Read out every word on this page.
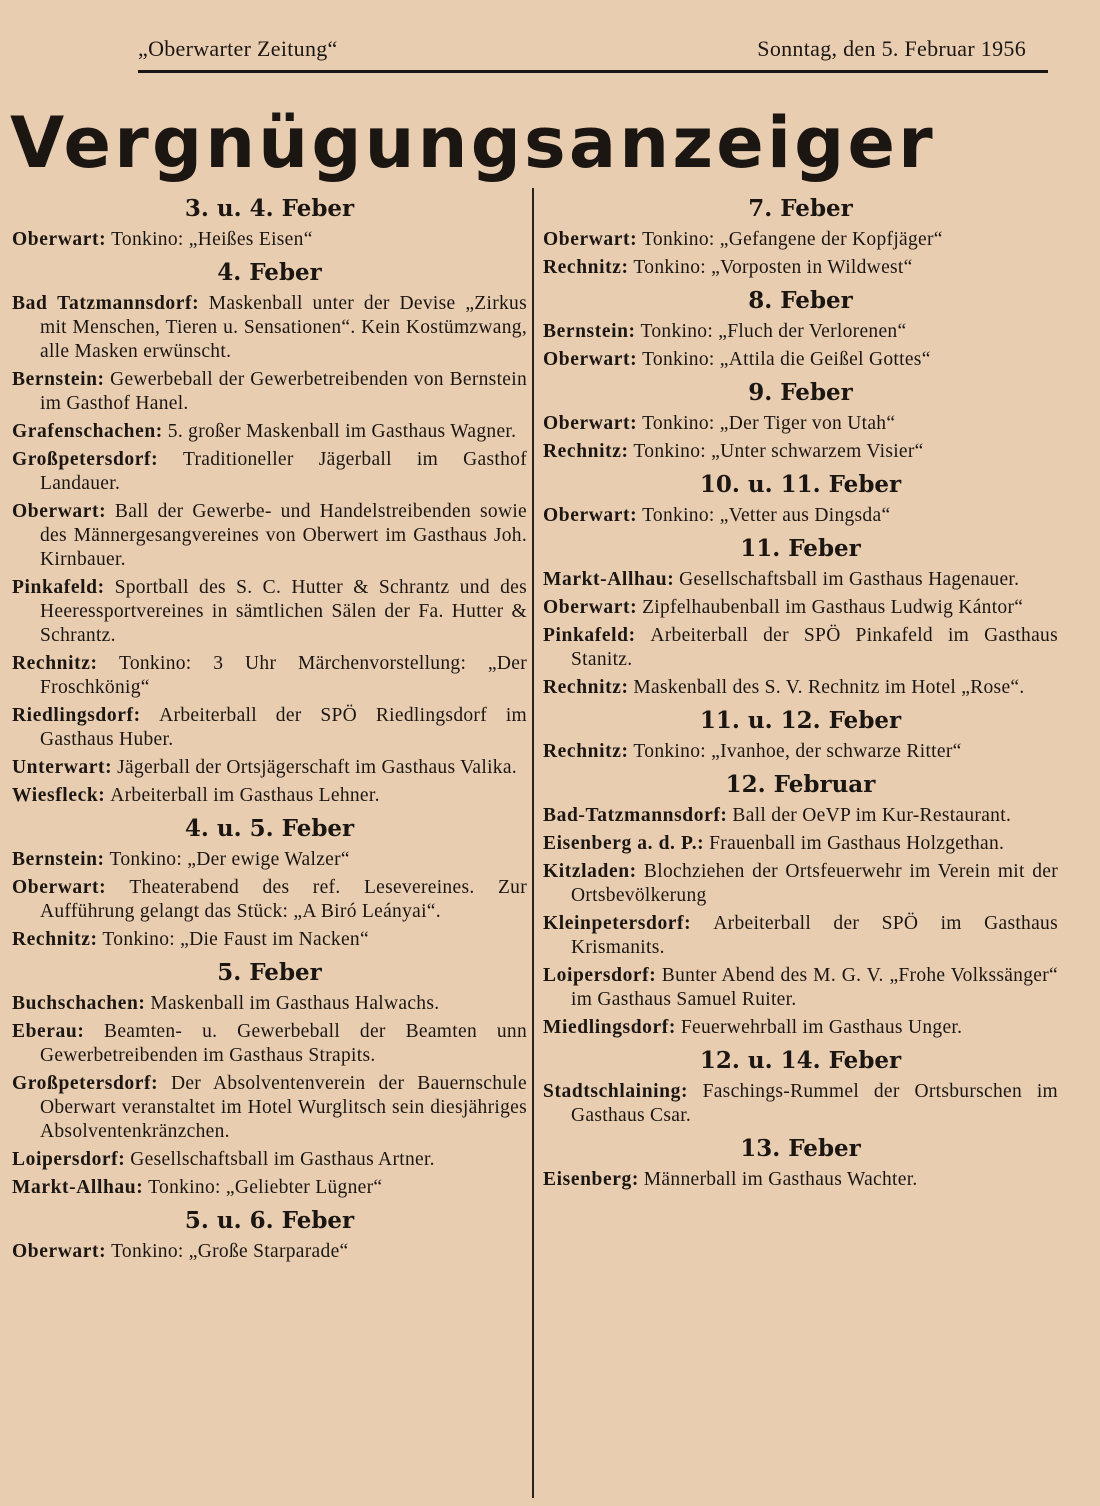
„Oberwarter Zeitung“	Sonntag, den 5. Februar 1956
Vergnügungsanzeiger
3. u. 4. Feber
Oberwart: Tonkino: „Heißes Eisen“
4. Feber
Bad Tatzmannsdorf: Maskenball unter der Devise „Zirkus mit Menschen, Tieren u. Sensationen“. Kein Kostümzwang, alle Masken erwünscht.
Bernstein: Gewerbeball der Gewerbetreibenden von Bernstein im Gasthof Hanel.
Grafenschachen: 5. großer Maskenball im Gasthaus Wagner.
Großpetersdorf: Traditioneller Jägerball im Gasthof Landauer.
Oberwart: Ball der Gewerbe- und Handelstreibenden sowie des Männergesangvereines von Oberwert im Gasthaus Joh. Kirnbauer.
Pinkafeld: Sportball des S. C. Hutter & Schrantz und des Heeressportvereines in sämtlichen Sälen der Fa. Hutter & Schrantz.
Rechnitz: Tonkino: 3 Uhr Märchenvorstellung: „Der Froschkönig“
Riedlingsdorf: Arbeiterball der SPÖ Riedlingsdorf im Gasthaus Huber.
Unterwart: Jägerball der Ortsjägerschaft im Gasthaus Valika.
Wiesfleck: Arbeiterball im Gasthaus Lehner.
4. u. 5. Feber
Bernstein: Tonkino: „Der ewige Walzer“
Oberwart: Theaterabend des ref. Lesevereines. Zur Aufführung gelangt das Stück: „A Biró Leányai“.
Rechnitz: Tonkino: „Die Faust im Nacken“
5. Feber
Buchschachen: Maskenball im Gasthaus Halwachs.
Eberau: Beamten- u. Gewerbeball der Beamten unn Gewerbetreibenden im Gasthaus Strapits.
Großpetersdorf: Der Absolventenverein der Bauernschule Oberwart veranstaltet im Hotel Wurglitsch sein diesjähriges Absolventenkränzchen.
Loipersdorf: Gesellschaftsball im Gasthaus Artner.
Markt-Allhau: Tonkino: „Geliebter Lügner“
5. u. 6. Feber
Oberwart: Tonkino: „Große Starparade“
7. Feber
Oberwart: Tonkino: „Gefangene der Kopfjäger“
Rechnitz: Tonkino: „Vorposten in Wildwest“
8. Feber
Bernstein: Tonkino: „Fluch der Verlorenen“
Oberwart: Tonkino: „Attila die Geißel Gottes“
9. Feber
Oberwart: Tonkino: „Der Tiger von Utah“
Rechnitz: Tonkino: „Unter schwarzem Visier“
10. u. 11. Feber
Oberwart: Tonkino: „Vetter aus Dingsda“
11. Feber
Markt-Allhau: Gesellschaftsball im Gasthaus Hagenauer.
Oberwart: Zipfelhaubenball im Gasthaus Ludwig Kántor“
Pinkafeld: Arbeiterball der SPÖ Pinkafeld im Gasthaus Stanitz.
Rechnitz: Maskenball des S. V. Rechnitz im Hotel „Rose“.
11. u. 12. Feber
Rechnitz: Tonkino: „Ivanhoe, der schwarze Ritter“
12. Februar
Bad-Tatzmannsdorf: Ball der OeVP im Kur-Restaurant.
Eisenberg a. d. P.: Frauenball im Gasthaus Holzgethan.
Kitzladen: Blochziehen der Ortsfeuerwehr im Verein mit der Ortsbevölkerung
Kleinpetersdorf: Arbeiterball der SPÖ im Gasthaus Krismanits.
Loipersdorf: Bunter Abend des M. G. V. „Frohe Volkssänger“ im Gasthaus Samuel Ruiter.
Miedlingsdorf: Feuerwehrball im Gasthaus Unger.
12. u. 14. Feber
Stadtschlaining: Faschings-Rummel der Ortsburschen im Gasthaus Csar.
13. Feber
Eisenberg: Männerball im Gasthaus Wachter.
